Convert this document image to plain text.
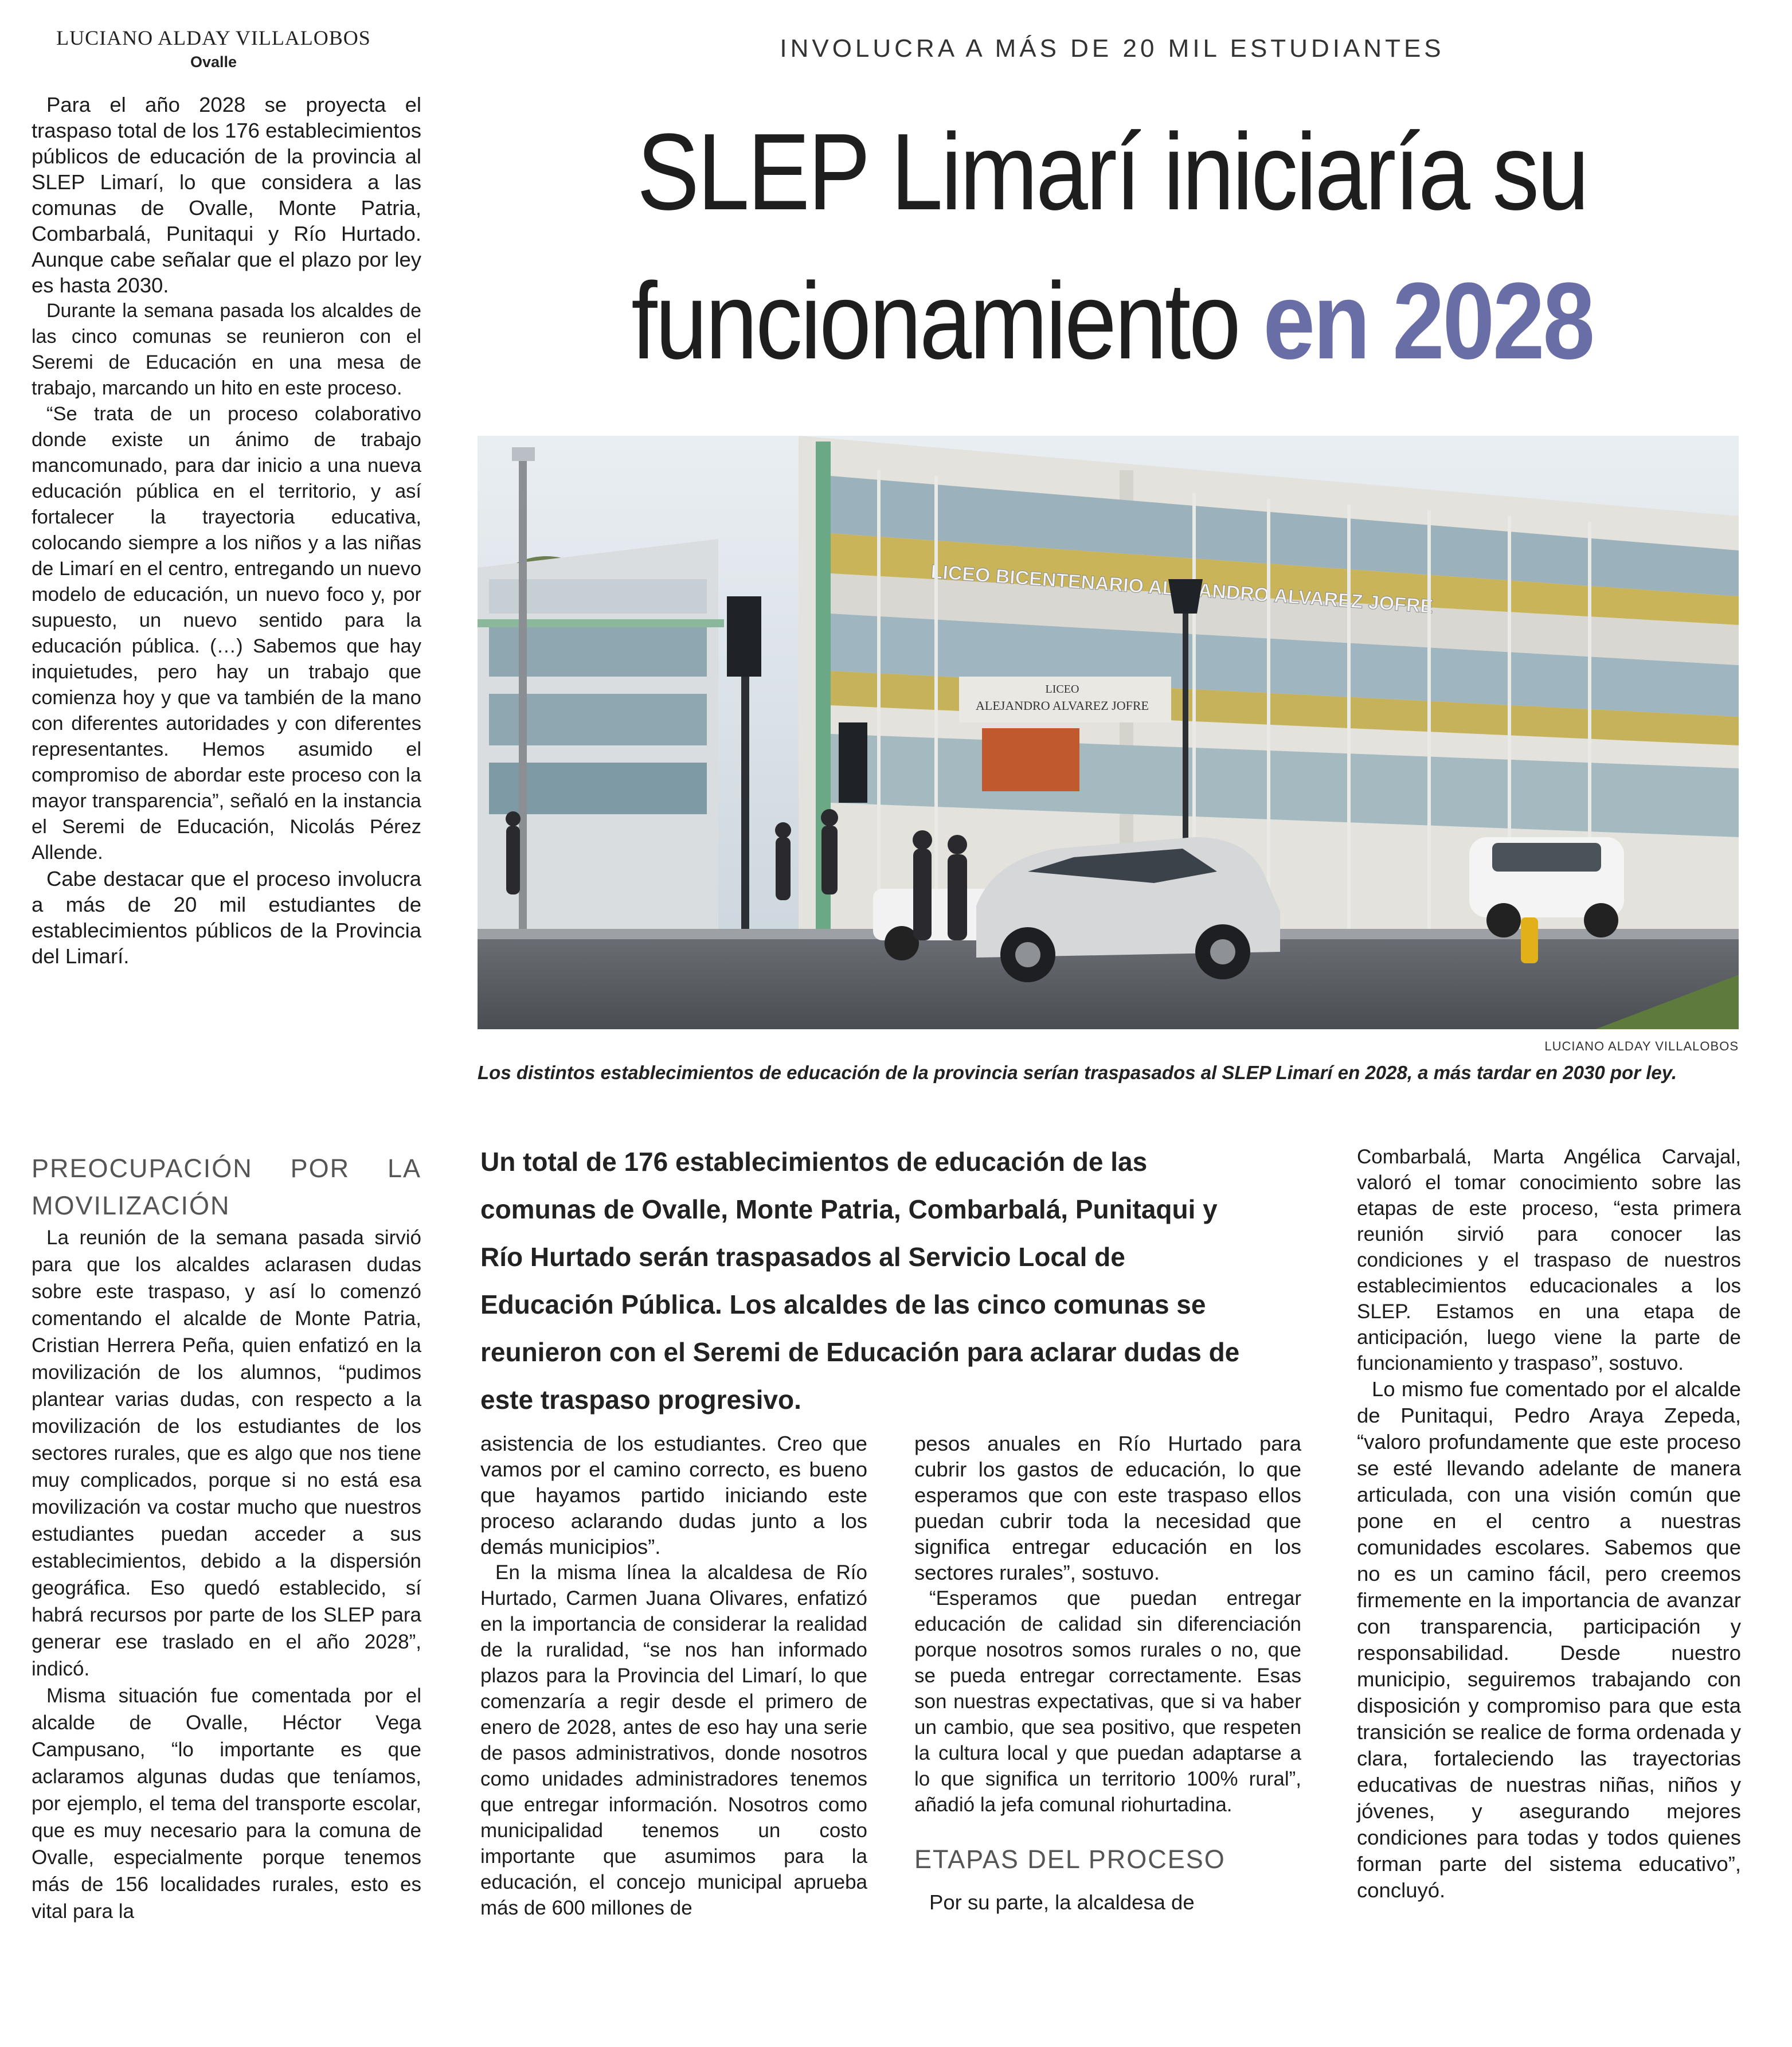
LUCIANO ALDAY VILLALOBOS
Ovalle	INVOLUCRA A MÁS DE 20 MIL ESTUDIANTES
SLEP Limarí iniciaría su
funcionamiento en 2028

Para el año 2028 se proyecta el traspaso total de los 176 establecimientos públicos de educación de la provincia al SLEP Limarí, lo que considera a las comunas de Ovalle, Monte Patria, Combarbalá, Punitaqui y Río Hurtado. Aunque cabe señalar que el plazo por ley es hasta 2030.

Durante la semana pasada los alcaldes de las cinco comunas se reunieron con el Seremi de Educación en una mesa de trabajo, marcando un hito en este proceso.

“Se trata de un proceso colaborativo donde existe un ánimo de trabajo mancomunado, para dar inicio a una nueva educación pública en el territorio, y así fortalecer la trayectoria educativa, colocando siempre a los niños y a las niñas de Limarí en el centro, entregando un nuevo modelo de educación, un nuevo foco y, por supuesto, un nuevo sentido para la educación pública. (…) Sabemos que hay inquietudes, pero hay un trabajo que comienza hoy y que va también de la mano con diferentes autoridades y con diferentes representantes. Hemos asumido el compromiso de abordar este proceso con la mayor transparencia”, señaló en la instancia el Seremi de Educación, Nicolás Pérez Allende.

Cabe destacar que el proceso involucra a más de 20 mil estudiantes de establecimientos públicos de la Provincia del Limarí.

PREOCUPACIÓN POR LA MOVILIZACIÓN

La reunión de la semana pasada sirvió para que los alcaldes aclarasen dudas sobre este traspaso, y así lo comenzó comentando el alcalde de Monte Patria, Cristian Herrera Peña, quien enfatizó en la movilización de los alumnos, “pudimos plantear varias dudas, con respecto a la movilización de los estudiantes de los sectores rurales, que es algo que nos tiene muy complicados, porque si no está esa movilización va costar mucho que nuestros estudiantes puedan acceder a sus establecimientos, debido a la dispersión geográfica. Eso quedó establecido, sí habrá recursos por parte de los SLEP para generar ese traslado en el año 2028”, indicó.

Misma situación fue comentada por el alcalde de Ovalle, Héctor Vega Campusano, “lo importante es que aclaramos algunas dudas que teníamos, por ejemplo, el tema del transporte escolar, que es muy necesario para la comuna de Ovalle, especialmente porque tenemos más de 156 localidades rurales, esto es vital para la

LICEO BICENTENARIO ALEJANDRO ALVAREZ JOFRE
LICEO
ALEJANDRO ALVAREZ JOFRE
LUCIANO ALDAY VILLALOBOS
Los distintos establecimientos de educación de la provincia serían traspasados al SLEP Limarí en 2028, a más tardar en 2030 por ley.
Un total de 176 establecimientos de educación de las comunas de Ovalle, Monte Patria, Combarbalá, Punitaqui y Río Hurtado serán traspasados al Servicio Local de Educación Pública. Los alcaldes de las cinco comunas se reunieron con el Seremi de Educación para aclarar dudas de este traspaso progresivo.

asistencia de los estudiantes. Creo que vamos por el camino correcto, es bueno que hayamos partido iniciando este proceso aclarando dudas junto a los demás municipios”.

En la misma línea la alcaldesa de Río Hurtado, Carmen Juana Olivares, enfatizó en la importancia de considerar la realidad de la ruralidad, “se nos han informado plazos para la Provincia del Limarí, lo que comenzaría a regir desde el primero de enero de 2028, antes de eso hay una serie de pasos administrativos, donde nosotros como unidades administradores tenemos que entregar información. Nosotros como municipalidad tenemos un costo importante que asumimos para la educación, el concejo municipal aprueba más de 600 millones de

pesos anuales en Río Hurtado para cubrir los gastos de educación, lo que esperamos que con este traspaso ellos puedan cubrir toda la necesidad que significa entregar educación en los sectores rurales”, sostuvo.

“Esperamos que puedan entregar educación de calidad sin diferenciación porque nosotros somos rurales o no, que se pueda entregar correctamente. Esas son nuestras expectativas, que si va haber un cambio, que sea positivo, que respeten la cultura local y que puedan adaptarse a lo que significa un territorio 100% rural”, añadió la jefa comunal riohurtadina.

ETAPAS DEL PROCESO

Por su parte, la alcaldesa de

Combarbalá, Marta Angélica Carvajal, valoró el tomar conocimiento sobre las etapas de este proceso, “esta primera reunión sirvió para conocer las condiciones y el traspaso de nuestros establecimientos educacionales a los SLEP. Estamos en una etapa de anticipación, luego viene la parte de funcionamiento y traspaso”, sostuvo.

Lo mismo fue comentado por el alcalde de Punitaqui, Pedro Araya Zepeda, “valoro profundamente que este proceso se esté llevando adelante de manera articulada, con una visión común que pone en el centro a nuestras comunidades escolares. Sabemos que no es un camino fácil, pero creemos firmemente en la importancia de avanzar con transparencia, participación y responsabilidad. Desde nuestro municipio, seguiremos trabajando con disposición y compromiso para que esta transición se realice de forma ordenada y clara, fortaleciendo las trayectorias educativas de nuestras niñas, niños y jóvenes, y asegurando mejores condiciones para todas y todos quienes forman parte del sistema educativo”, concluyó.
